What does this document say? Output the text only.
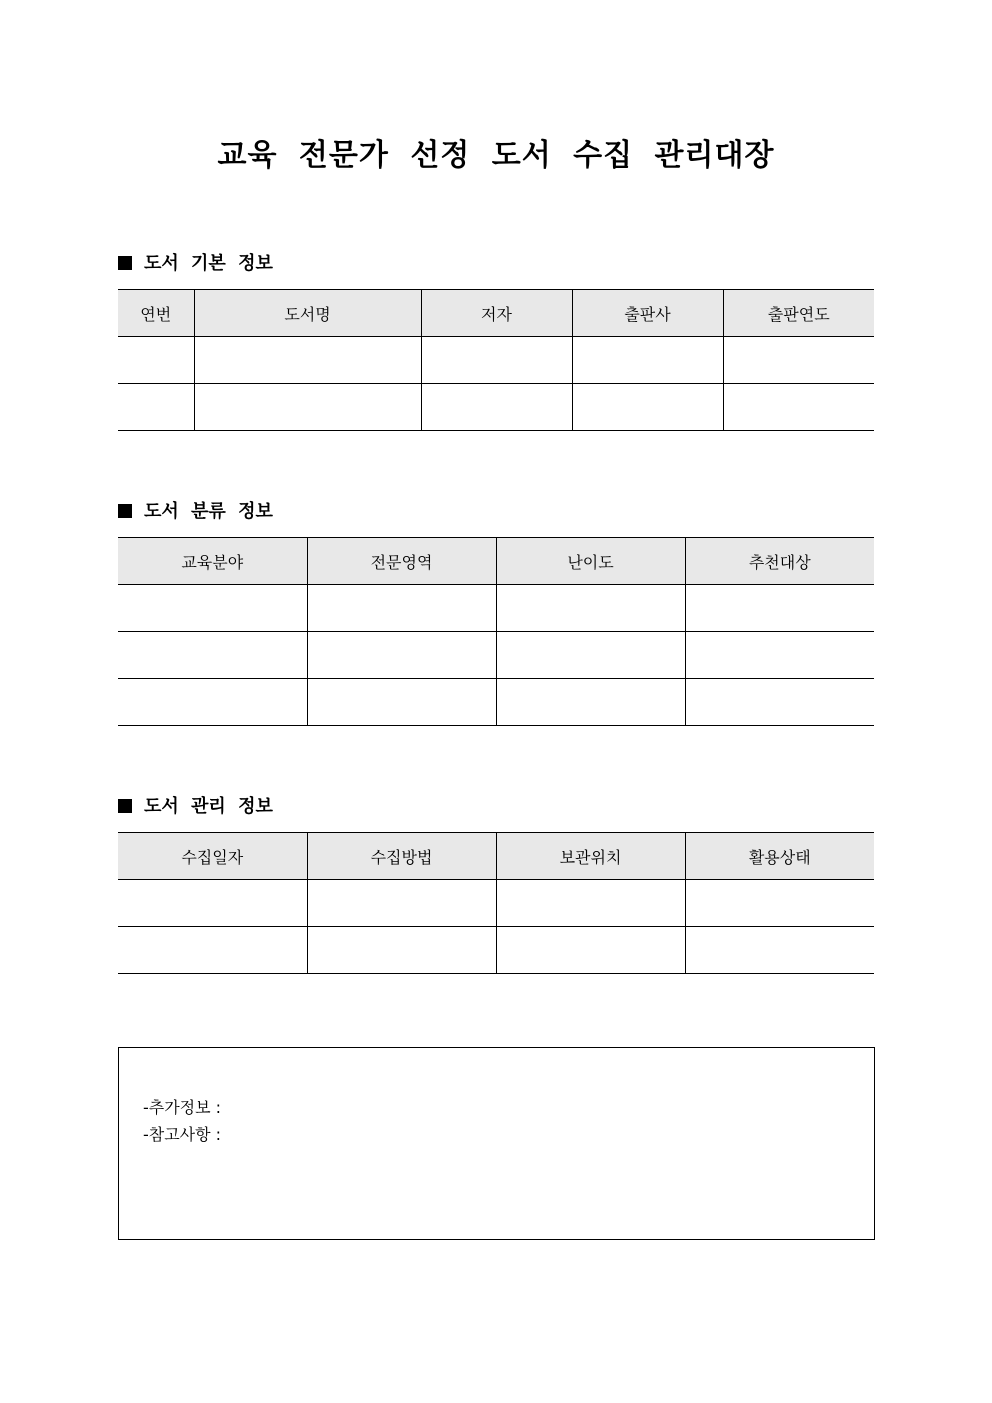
교육 전문가 선정 도서 수집 관리대장
도서 기본 정보
연번	도서명	저자	출판사	출판연도

도서 분류 정보
교육분야	전문영역	난이도	추천대상

도서 관리 정보
수집일자	수집방법	보관위치	활용상태

-추가정보 :
-참고사항 :
